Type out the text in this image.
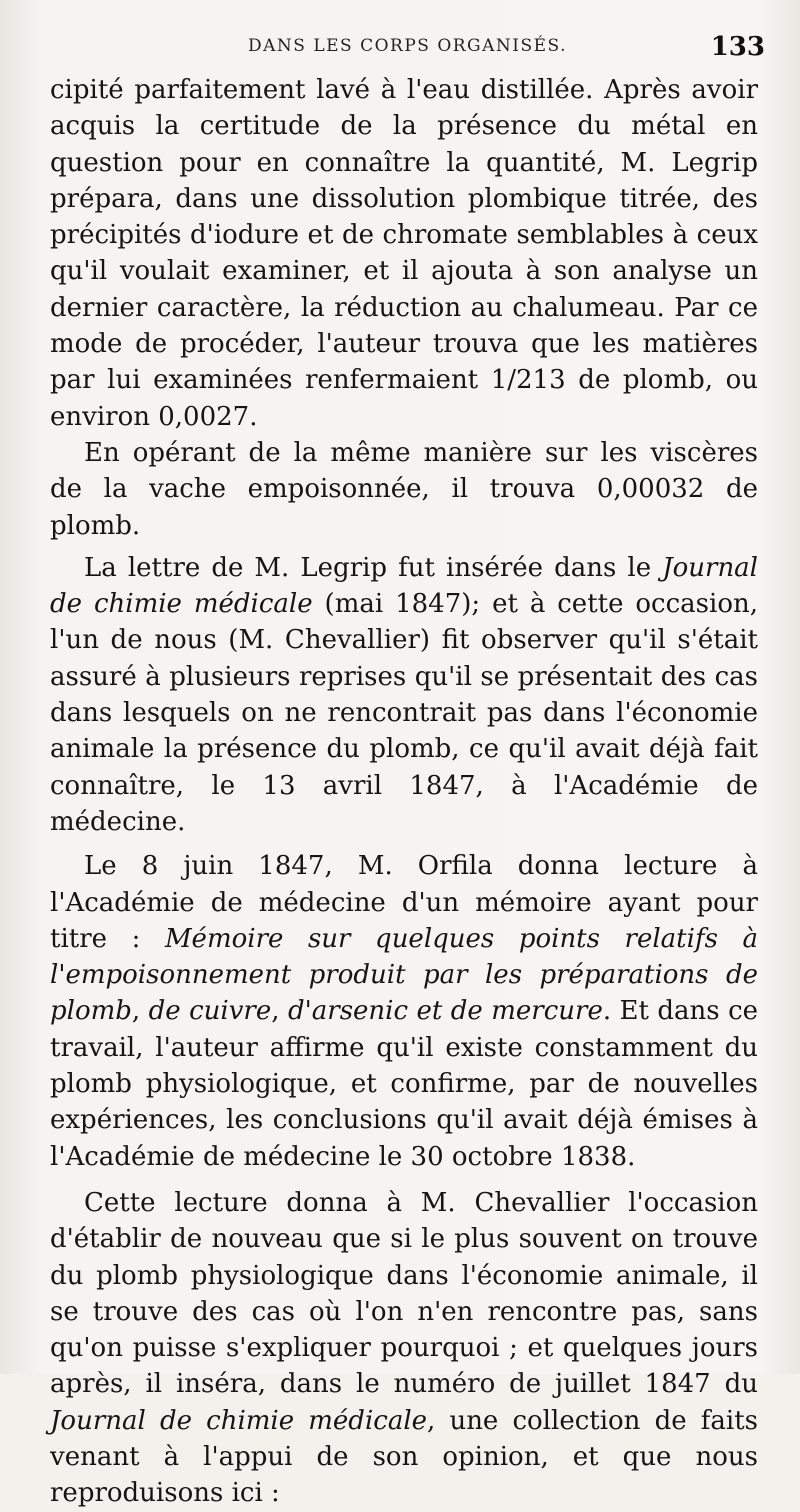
DANS LES CORPS ORGANISÉS.	133

cipité parfaitement lavé à l'eau distillée. Après avoir acquis la certitude de la présence du métal en question pour en connaître la quantité, M. Legrip prépara, dans une dissolution plombique titrée, des précipités d'iodure et de chromate semblables à ceux qu'il voulait examiner, et il ajouta à son analyse un dernier caractère, la réduction au chalumeau. Par ce mode de procéder, l'auteur trouva que les matières par lui examinées renfermaient 1/213 de plomb, ou environ 0,0027.

En opérant de la même manière sur les viscères de la vache empoisonnée, il trouva 0,00032 de plomb.

La lettre de M. Legrip fut insérée dans le Journal de chimie médicale (mai 1847); et à cette occasion, l'un de nous (M. Chevallier) fit observer qu'il s'était assuré à plusieurs reprises qu'il se présentait des cas dans lesquels on ne rencontrait pas dans l'économie animale la présence du plomb, ce qu'il avait déjà fait connaître, le 13 avril 1847, à l'Académie de médecine.

Le 8 juin 1847, M. Orfila donna lecture à l'Académie de médecine d'un mémoire ayant pour titre : Mémoire sur quelques points relatifs à l'empoisonnement produit par les préparations de plomb, de cuivre, d'arsenic et de mercure. Et dans ce travail, l'auteur affirme qu'il existe constamment du plomb physiologique, et confirme, par de nouvelles expériences, les conclusions qu'il avait déjà émises à l'Académie de médecine le 30 octobre 1838.

Cette lecture donna à M. Chevallier l'occasion d'établir de nouveau que si le plus souvent on trouve du plomb physiologique dans l'économie animale, il se trouve des cas où l'on n'en rencontre pas, sans qu'on puisse s'expliquer pourquoi ; et quelques jours après, il inséra, dans le numéro de juillet 1847 du Journal de chimie médicale, une collection de faits venant à l'appui de son opinion, et que nous reproduisons ici :
